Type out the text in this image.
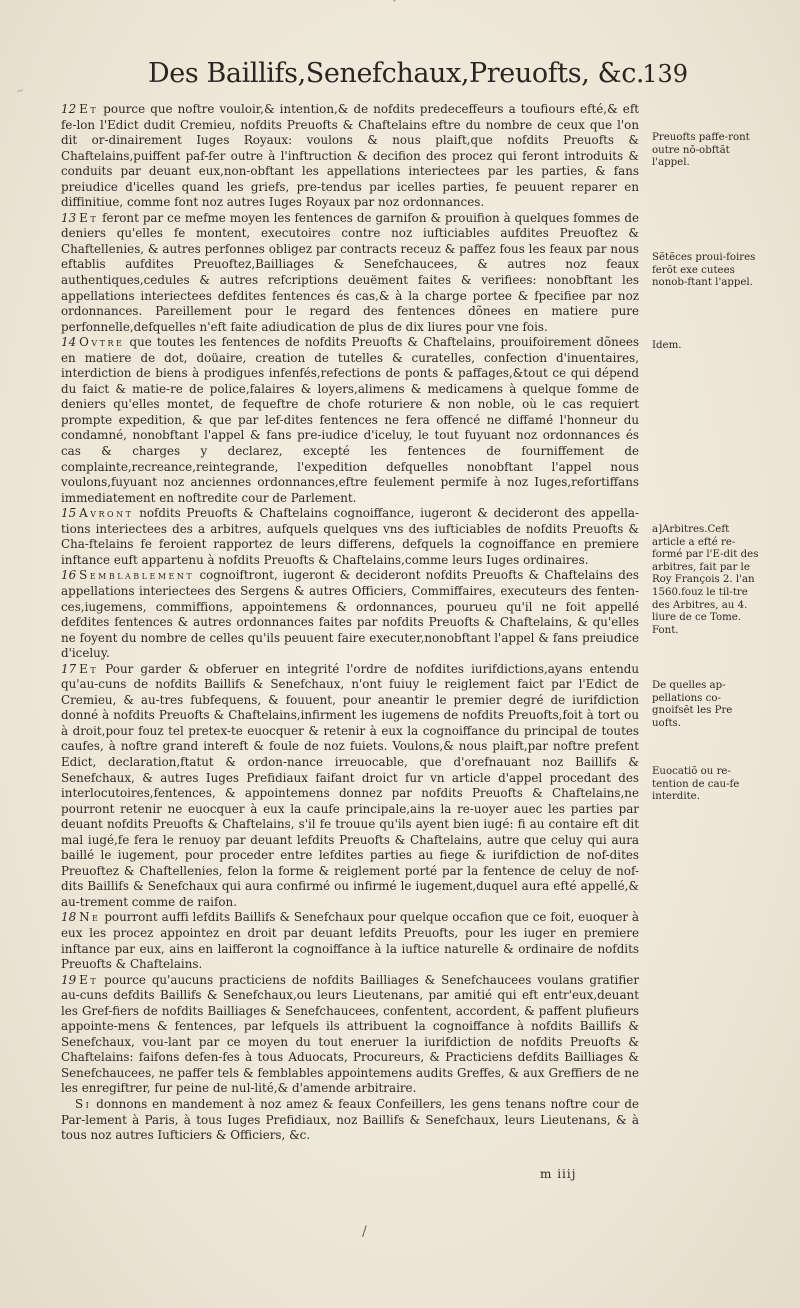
ˇ
~
Des Baillifs,Senefchaux,Preuofts, &c.
139

12 Et pource que noftre vouloir,& intention,& de nofdits predeceffeurs a toufiours efté,& eft fe-lon l'Edict dudit Cremieu, nofdits Preuofts & Chaftelains eftre du nombre de ceux que l'on dit or-dinairement Iuges Royaux: voulons & nous plaift,que nofdits Preuofts & Chaftelains,puiffent paf-fer outre à l'inftruction & decifion des procez qui feront introduits & conduits par deuant eux,non-obftant les appellations interiectees par les parties, & fans preiudice d'icelles quand les griefs, pre-tendus par icelles parties, fe peuuent reparer en diffinitiue, comme font noz autres Iuges Royaux par noz ordonnances.

13 Et feront par ce mefme moyen les fentences de garnifon & prouifion à quelques fommes de deniers qu'elles fe montent, executoires contre noz iufticiables aufdites Preuoftez & Chaftellenies, & autres perfonnes obligez par contracts receuz & paffez fous les feaux par nous eftablis aufdites Preuoftez,Bailliages & Senefchaucees, & autres noz feaux authentiques,cedules & autres refcriptions deuëment faites & verifiees: nonobftant les appellations interiectees defdites fentences és cas,& à la charge portee & fpecifiee par noz ordonnances. Pareillement pour le regard des fentences dõnees en matiere pure perfonnelle,defquelles n'eft faite adiudication de plus de dix liures pour vne fois.

14 Ovtre que toutes les fentences de nofdits Preuofts & Chaftelains, prouifoirement dõnees en matiere de dot, doüaire, creation de tutelles & curatelles, confection d'inuentaires, interdiction de biens à prodigues infenfés,refections de ponts & paffages,&tout ce qui dépend du faict & matie-re de police,falaires & loyers,alimens & medicamens à quelque fomme de deniers qu'elles montet, de fequeftre de chofe roturiere & non noble, où le cas requiert prompte expedition, & que par lef-dites fentences ne fera offencé ne diffamé l'honneur du condamné, nonobftant l'appel & fans pre-iudice d'iceluy, le tout fuyuant noz ordonnances és cas & charges y declarez, excepté les fentences de fourniffement de complainte,recreance,reintegrande, l'expedition defquelles nonobftant l'appel nous voulons,fuyuant noz anciennes ordonnances,eftre feulement permife à noz Iuges,refortiffans immediatement en noftredite cour de Parlement.

15 Avront nofdits Preuofts & Chaftelains cognoiffance, iugeront & decideront des appella-tions interiectees des a arbitres, aufquels quelques vns des iufticiables de nofdits Preuofts & Cha-ftelains fe feroient rapportez de leurs differens, defquels la cognoiffance en premiere inftance euft appartenu à nofdits Preuofts & Chaftelains,comme leurs Iuges ordinaires.

16 Semblablement cognoiftront, iugeront & decideront nofdits Preuofts & Chaftelains des appellations interiectees des Sergens & autres Officiers, Commiffaires, executeurs des fenten-ces,iugemens, commiffions, appointemens & ordonnances, pourueu qu'il ne foit appellé defdites fentences & autres ordonnances faites par nofdits Preuofts & Chaftelains, & qu'elles ne foyent du nombre de celles qu'ils peuuent faire executer,nonobftant l'appel & fans preiudice d'iceluy.

17 Et Pour garder & obferuer en integrité l'ordre de nofdites iurifdictions,ayans entendu qu'au-cuns de nofdits Baillifs & Senefchaux, n'ont fuiuy le reiglement faict par l'Edict de Cremieu, & au-tres fubfequens, & fouuent, pour aneantir le premier degré de iurifdiction donné à nofdits Preuofts & Chaftelains,infirment les iugemens de nofdits Preuofts,foit à tort ou à droit,pour fouz tel pretex-te euocquer & retenir à eux la cognoiffance du principal de toutes caufes, à noftre grand intereft & foule de noz fuiets. Voulons,& nous plaift,par noftre prefent Edict, declaration,ftatut & ordon-nance irreuocable, que d'orefnauant noz Baillifs & Senefchaux, & autres Iuges Prefidiaux faifant droict fur vn article d'appel procedant des interlocutoires,fentences, & appointemens donnez par nofdits Preuofts & Chaftelains,ne pourront retenir ne euocquer à eux la caufe principale,ains la re-uoyer auec les parties par deuant nofdits Preuofts & Chaftelains, s'il fe trouue qu'ils ayent bien iugé: fi au contaire eft dit mal iugé,fe fera le renuoy par deuant lefdits Preuofts & Chaftelains, autre que celuy qui aura baillé le iugement, pour proceder entre lefdites parties au fiege & iurifdiction de nof-dites Preuoftez & Chaftellenies, felon la forme & reiglement porté par la fentence de celuy de nof-dits Baillifs & Senefchaux qui aura confirmé ou infirmé le iugement,duquel aura efté appellé,& au-trement comme de raifon.

18 Ne pourront auffi lefdits Baillifs & Senefchaux pour quelque occafion que ce foit, euoquer à eux les procez appointez en droit par deuant lefdits Preuofts, pour les iuger en premiere inftance par eux, ains en laifferont la cognoiffance à la iuftice naturelle & ordinaire de nofdits Preuofts & Chaftelains.

19 Et pource qu'aucuns practiciens de nofdits Bailliages & Senefchaucees voulans gratifier au-cuns defdits Baillifs & Senefchaux,ou leurs Lieutenans, par amitié qui eft entr'eux,deuant les Gref-fiers de nofdits Bailliages & Senefchaucees, confentent, accordent, & paffent plufieurs appointe-mens & fentences, par lefquels ils attribuent la cognoiffance à nofdits Baillifs & Senefchaux, vou-lant par ce moyen du tout eneruer la iurifdiction de nofdits Preuofts & Chaftelains: faifons defen-fes à tous Aduocats, Procureurs, & Practiciens defdits Bailliages & Senefchaucees, ne paffer tels & femblables appointemens audits Greffes, & aux Greffiers de ne les enregiftrer, fur peine de nul-lité,& d'amende arbitraire.

Si donnons en mandement à noz amez & feaux Confeillers, les gens tenans noftre cour de Par-lement à Paris, à tous Iuges Prefidiaux, noz Baillifs & Senefchaux, leurs Lieutenans, & à tous noz autres Iufticiers & Officiers, &c.

Preuofts paffe-ront outre nõ-obftãt l'appel.
Sẽtẽces proui-foires ferõt exe cutees nonob-ftant l'appel.
Idem.
a]Arbitres.Ceft article a efté re-formé par l'E-dit des arbitres, fait par le Roy François 2. l'an 1560.fouz le til-tre des Arbitres, au 4. liure de ce Tome. Font.
De quelles ap-pellations co-gnoifsẽt les Pre uofts.
Euocatiõ ou re-tention de cau-fe interdite.
m iiij
/
